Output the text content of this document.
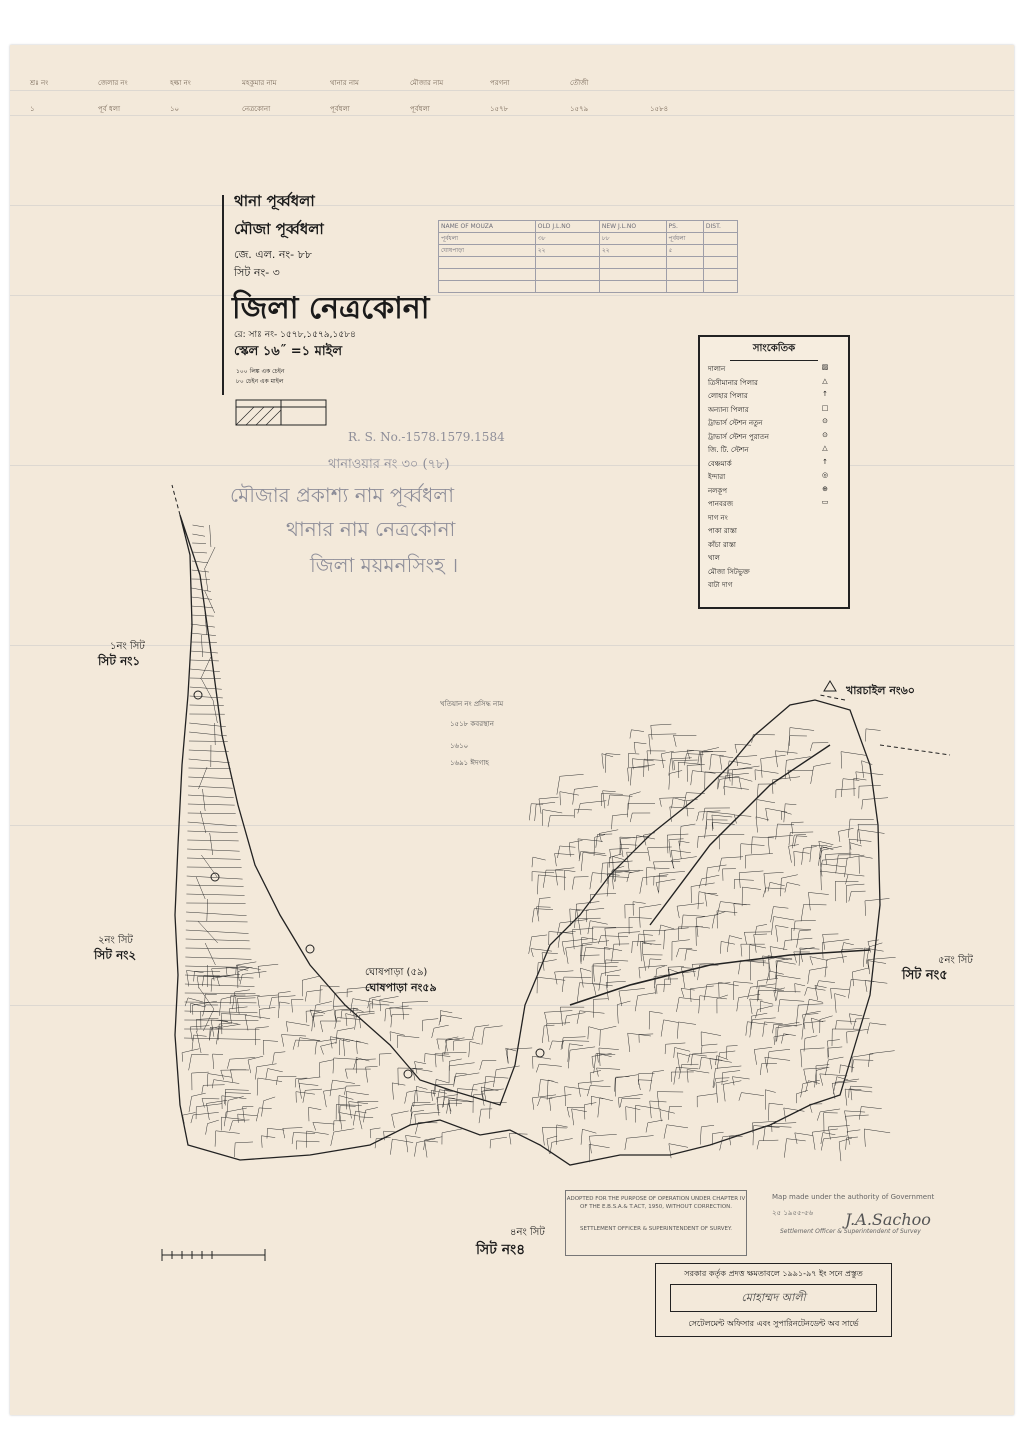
শ্রঃ নং	জেলার নং	হল্কা নং	মহকুমার নাম	থানার নাম	মৌজার নাম	পরগনা	তৌজী
১	পূর্ব ধলা	১০	নেত্রকোনা	পূর্বধলা	পূর্বধলা	১৫৭৮	১৫৭৯	১৫৮৪
থানা পূর্ব্বধলা
মৌজা পূর্ব্বধলা
জে. এল. নং- ৮৮
সিট নং- ৩
জিলা নেত্রকোনা
রে: সাঃ নং- ১৫৭৮,১৫৭৯,১৫৮৪
স্কেল ১৬˝ =১ মাইল
১০০ লিঙ্ক এক চেইন
৮০ চেইন এক মাইল
R. S. No.-1578.1579.1584
থানাওয়ার নং ৩০ (৭৮)
মৌজার প্রকাশ্য নাম পূর্ব্বধলা
থানার নাম নেত্রকোনা
জিলা ময়মনসিংহ ।
NAME OF MOUZA	OLD J.L.NO	NEW J.L.NO	PS.	DIST.
পূর্বধলা	৩৮	৮৮	পূর্বধলা	
ঘোষপাড়া	২২	২২	৫	

সাংকেতিক
দালান	▨
ত্রিসীমানার পিলার	△
লোহার পিলার	↑
অন্যান্য পিলার	□
ট্রাভার্স স্টেশন নতুন	⊙
ট্রাভার্স স্টেশন পুরাতন	⊙
জি. টি. স্টেশন	△
বেঞ্চমার্ক	↑
ইন্দারা	◎
নলকূপ	⊕
পানবরজ	▭
দাগ নং
পাকা রাস্তা
কাঁচা রাস্তা
খাল
মৌজা সিটভুক্ত
বাটা দাগ
খতিয়ান নং প্রসিদ্ধ নাম
১৫১৮ কবরস্থান
১৬১০
১৬৯১ ঈদগাহ
১নং সিট
সিট নং১
২নং সিট
সিট নং২
৪নং সিট
সিট নং৪
৫নং সিট
সিট নং৫
খারচাইল নং৬০
ঘোষপাড়া (৫৯)
ঘোষপাড়া নং৫৯
ADOPTED FOR THE PURPOSE OF OPERATION UNDER CHAPTER IV OF THE E.B.S.A.& T.ACT, 1950, WITHOUT CORRECTION.
SETTLEMENT OFFICER & SUPERINTENDENT OF SURVEY.
Map made under the authority of Government
২৫ ১৯৫৫-৫৬ J.A.Sachoo
Settlement Officer & Superintendent of Survey
সরকার কর্তৃক প্রদত্ত ক্ষমতাবলে ১৯৯১-৯৭ ইং সনে প্রস্তুত
মোহাম্মদ আলী
সেটেলমেন্ট অফিসার এবং সুপারিনটেনডেন্ট অব সার্ভে
